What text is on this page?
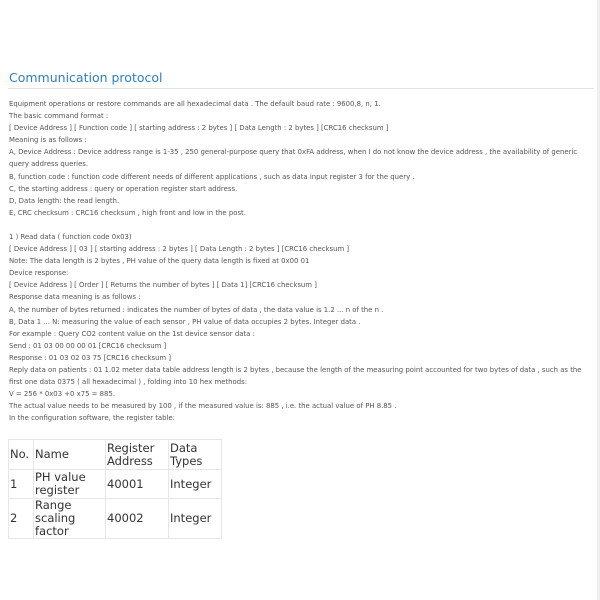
Communication protocol
Equipment operations or restore commands are all hexadecimal data . The default baud rate : 9600,8, n, 1.
The basic command format :
[ Device Address ] [ Function code ] [ starting address : 2 bytes ] [ Data Length : 2 bytes ] [CRC16 checksum ]
Meaning is as follows :
A, Device Address : Device address range is 1-35 , 250 general-purpose query that 0xFA address, when I do not know the device address , the availability of generic query address queries.
B, function code : function code different needs of different applications , such as data input register 3 for the query .
C, the starting address : query or operation register start address.
D, Data length: the read length.
E, CRC checksum : CRC16 checksum , high front and low in the post.
1 ) Read data ( function code 0x03)
[ Device Address ] [ 03 ] [ starting address : 2 bytes ] [ Data Length : 2 bytes ] [CRC16 checksum ]
Note: The data length is 2 bytes , PH value of the query data length is fixed at 0x00 01
Device response:
[ Device Address ] [ Order ] [ Returns the number of bytes ] [ Data 1] [CRC16 checksum ]
Response data meaning is as follows :
A, the number of bytes returned : indicates the number of bytes of data , the data value is 1.2 ... n of the n .
B, Data 1 ... N: measuring the value of each sensor , PH value of data occupies 2 bytes. Integer data .
For example : Query CO2 content value on the 1st device sensor data :
Send : 01 03 00 00 00 01 [CRC16 checksum ]
Response : 01 03 02 03 75 [CRC16 checksum ]
Reply data on patients : 01 1.02 meter data table address length is 2 bytes , because the length of the measuring point accounted for two bytes of data , such as the first one data 0375 ( all hexadecimal ) , folding into 10 hex methods:
V = 256 * 0x03 +0 x75 = 885.
The actual value needs to be measured by 100 , if the measured value is: 885 , i.e. the actual value of PH 8.85 .
In the configuration software, the register table:
No.	Name	Register Address	Data Types
1	PH value register	40001	Integer
2	Range scaling factor	40002	Integer
